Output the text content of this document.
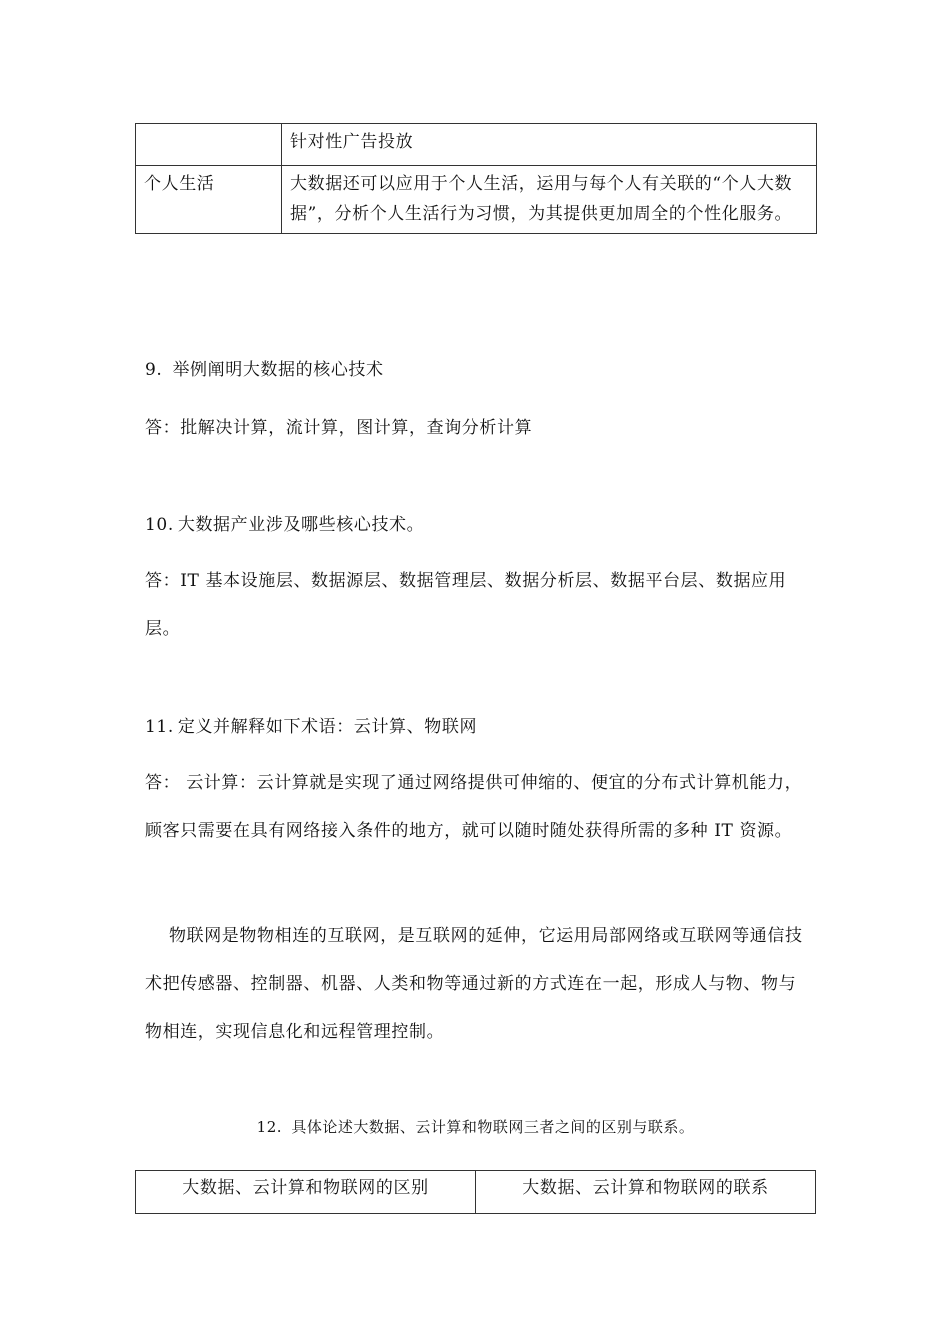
	针对性广告投放
个人生活	大数据还可以应用于个人生活，运用与每个人有关联的“个人大数据”，分析个人生活行为习惯，为其提供更加周全的个性化服务。

9. 举例阐明大数据的核心技术

答：批解决计算，流计算，图计算，查询分析计算

10. 大数据产业涉及哪些核心技术。

答：IT 基本设施层、数据源层、数据管理层、数据分析层、数据平台层、数据应用层。

11. 定义并解释如下术语：云计算、物联网

答： 云计算：云计算就是实现了通过网络提供可伸缩的、便宜的分布式计算机能力，顾客只需要在具有网络接入条件的地方，就可以随时随处获得所需的多种 IT 资源。

物联网是物物相连的互联网，是互联网的延伸，它运用局部网络或互联网等通信技术把传感器、控制器、机器、人类和物等通过新的方式连在一起，形成人与物、物与物相连，实现信息化和远程管理控制。

12. 具体论述大数据、云计算和物联网三者之间的区别与联系。

大数据、云计算和物联网的区别	大数据、云计算和物联网的联系
